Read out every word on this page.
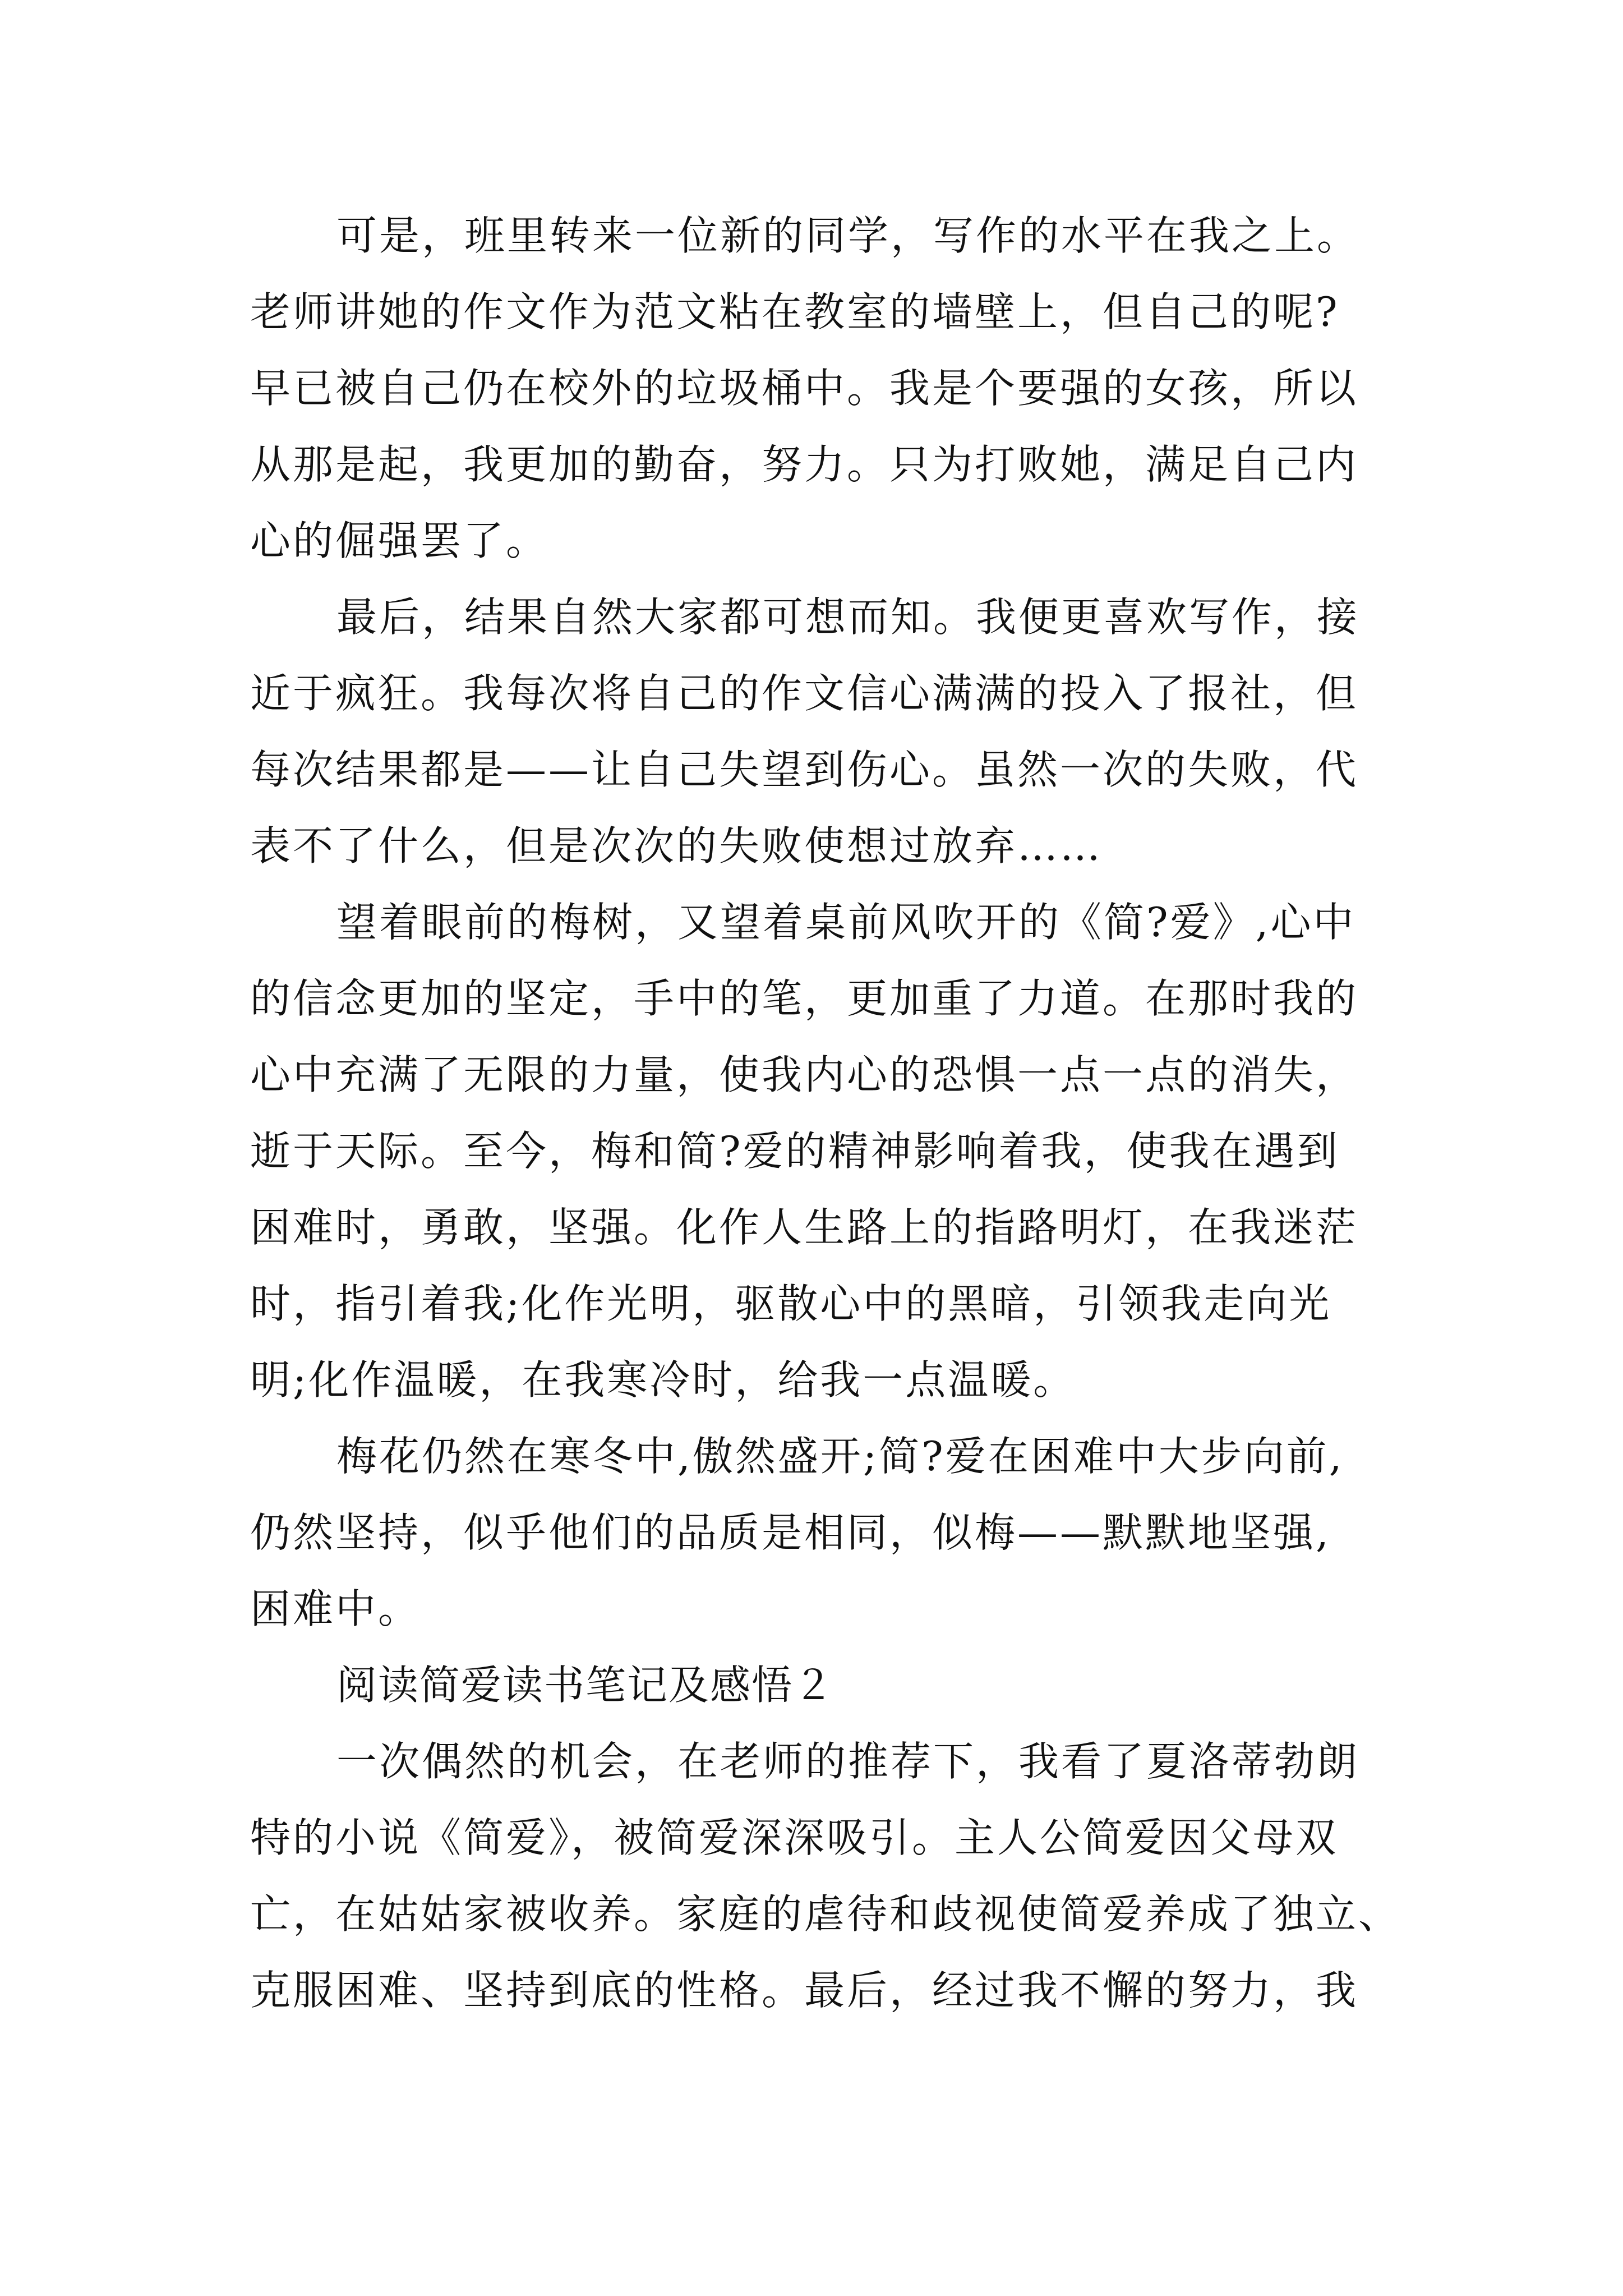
可是，班里转来一位新的同学，写作的水平在我之上。
老师讲她的作文作为范文粘在教室的墙壁上，但自己的呢?
早已被自己仍在校外的垃圾桶中。我是个要强的女孩，所以
从那是起，我更加的勤奋，努力。只为打败她，满足自己内
心的倔强罢了。
最后，结果自然大家都可想而知。我便更喜欢写作，接
近于疯狂。我每次将自己的作文信心满满的投入了报社，但
每次结果都是——让自己失望到伤心。虽然一次的失败，代
表不了什么，但是次次的失败使想过放弃……
望着眼前的梅树，又望着桌前风吹开的《简?爱》,心中
的信念更加的坚定，手中的笔，更加重了力道。在那时我的
心中充满了无限的力量，使我内心的恐惧一点一点的消失，
逝于天际。至今，梅和简?爱的精神影响着我，使我在遇到
困难时，勇敢，坚强。化作人生路上的指路明灯，在我迷茫
时，指引着我;化作光明，驱散心中的黑暗，引领我走向光
明;化作温暖，在我寒冷时，给我一点温暖。
梅花仍然在寒冬中,傲然盛开;简?爱在困难中大步向前,
仍然坚持，似乎他们的品质是相同，似梅——默默地坚强,
困难中。
阅读简爱读书笔记及感悟２
一次偶然的机会，在老师的推荐下，我看了夏洛蒂勃朗
特的小说《简爱》，被简爱深深吸引。主人公简爱因父母双
亡，在姑姑家被收养。家庭的虐待和歧视使简爱养成了独立、
克服困难、坚持到底的性格。最后，经过我不懈的努力，我
